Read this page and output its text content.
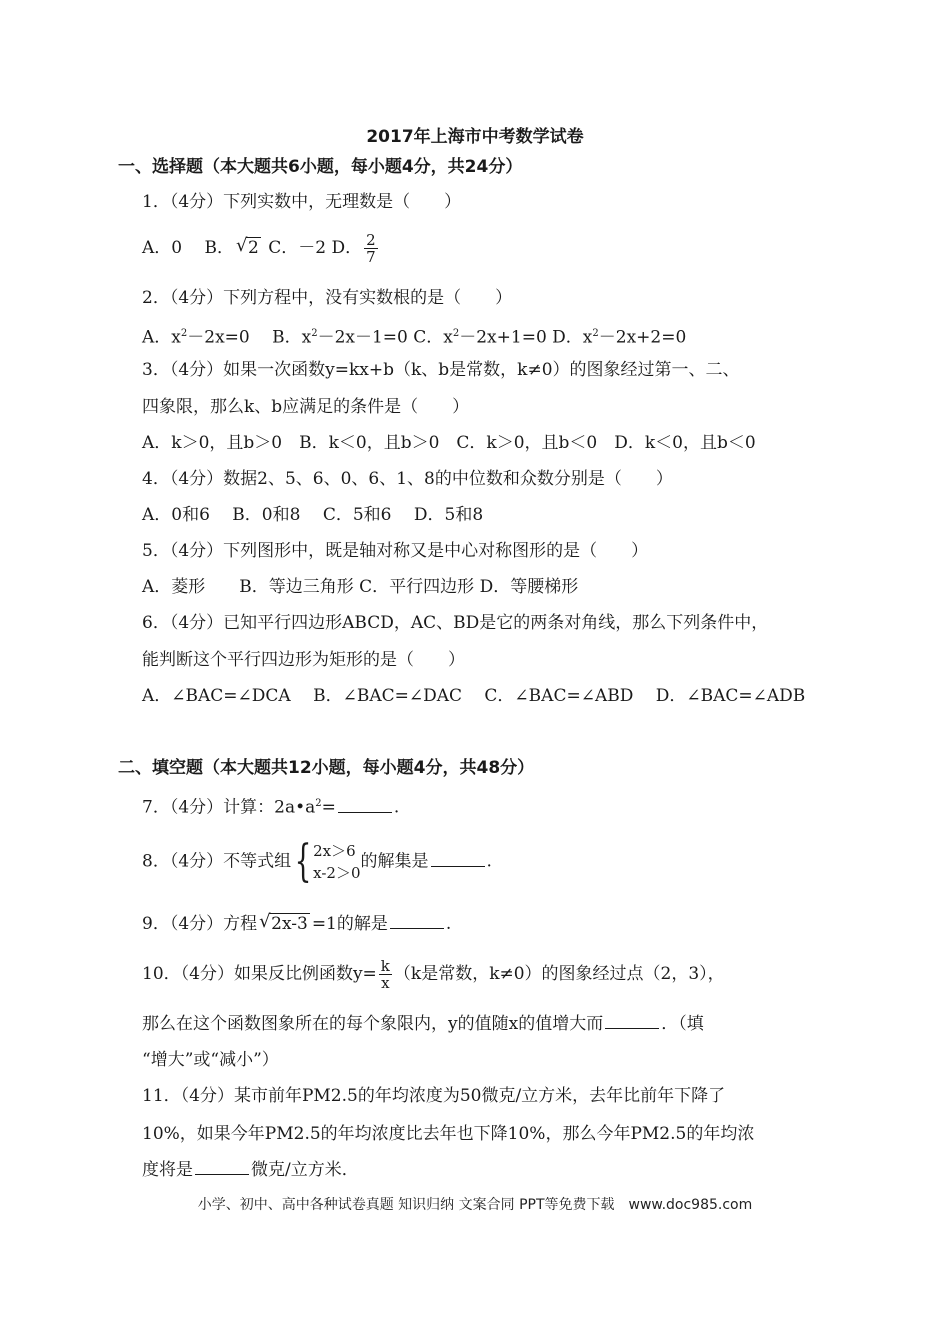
2017年上海市中考数学试卷
一、选择题（本大题共6小题，每小题4分，共24分）
1．（4分）下列实数中，无理数是（　　）
A．0　 B． √ 2 C．－2 D． $\frac{2}{7}$
2．（4分）下列方程中，没有实数根的是（　　）
A．$x^2-2x=0$　 B．$x^2-2x-1=0$ C．$x^2-2x+1=0$ D．$x^2-2x+2=0$
3．（4分）如果一次函数y=kx+b（k、b是常数，k≠0）的图象经过第一、二、
四象限，那么k、b应满足的条件是（　　）
A．k＞0，且b＞0　B．k＜0，且b＞0　C．k＞0，且b＜0　D．k＜0，且b＜0
4．（4分）数据2、5、6、0、6、1、8的中位数和众数分别是（　　）
A．0和6　 B．0和8　 C．5和6　 D．5和8
5．（4分）下列图形中，既是轴对称又是中心对称图形的是（　　）
A．菱形　　B．等边三角形 C．平行四边形 D．等腰梯形
6．（4分）已知平行四边形ABCD，AC、BD是它的两条对角线，那么下列条件中，
能判断这个平行四边形为矩形的是（　　）
A．∠BAC=∠DCA　 B．∠BAC=∠DAC　 C．∠BAC=∠ABD　 D．∠BAC=∠ADB
二、填空题（本大题共12小题，每小题4分，共48分）
7．（4分）计算：$2a•a^2=$	.
8．（4分）不等式组{ 2x＞6
x-2＞0
的解集是	.
9．（4分）方程 √ 2x-3 =1的解是	.
10．（4分）如果反比例函数$y= \frac{k}{x} (k$是常数，k≠0）的图象经过点（2，3），
那么在这个函数图象所在的每个象限内，y的值随x的值增大而	．（填
“增大”或“减小”）
11．（4分）某市前年PM2.5的年均浓度为50微克/立方米，去年比前年下降了
10%，如果今年PM2.5的年均浓度比去年也下降10%，那么今年PM2.5的年均浓
度将是	微克/立方米．
小学、初中、高中各种试卷真题 知识归纳 文案合同 PPT等免费下载　www.doc985.com
